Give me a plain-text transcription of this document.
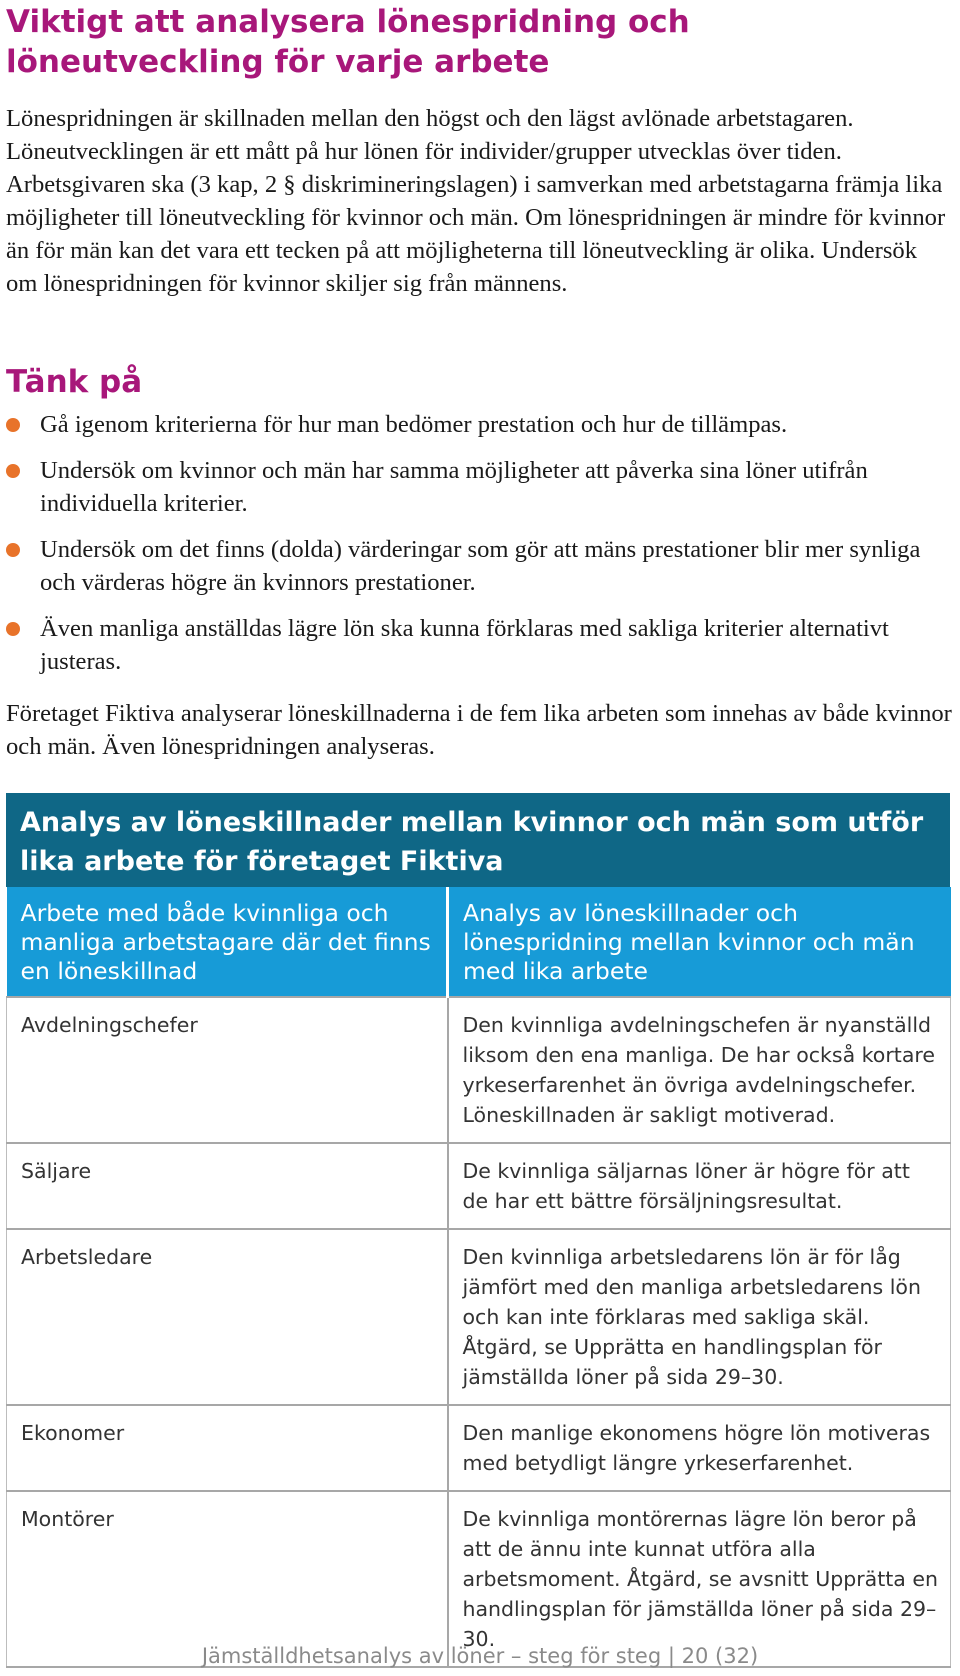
Viktigt att analysera lönespridning och löneutveckling för varje arbete

Lönespridningen är skillnaden mellan den högst och den lägst avlönade arbetstagaren. Löneutvecklingen är ett mått på hur lönen för individer/grupper utvecklas över tiden. Arbetsgivaren ska (3 kap, 2 § diskrimineringslagen) i samverkan med arbetstagarna främja lika möjligheter till löneutveckling för kvinnor och män. Om lönespridningen är mindre för kvinnor än för män kan det vara ett tecken på att möjligheterna till löneutveckling är olika. Undersök om lönespridningen för kvinnor skiljer sig från männens.

Tänk på
Gå igenom kriterierna för hur man bedömer prestation och hur de tillämpas.
Undersök om kvinnor och män har samma möjligheter att påverka sina löner utifrån individuella kriterier.
Undersök om det finns (dolda) värderingar som gör att mäns prestationer blir mer synliga och värderas högre än kvinnors prestationer.
Även manliga anställdas lägre lön ska kunna förklaras med sakliga kriterier alternativt justeras.

Företaget Fiktiva analyserar löneskillnaderna i de fem lika arbeten som innehas av både kvinnor och män. Även lönespridningen analyseras.

Analys av löneskillnader mellan kvinnor och män som utför lika arbete för företaget Fiktiva
Arbete med både kvinnliga och manliga arbetstagare där det finns en löneskillnad	Analys av löneskillnader och lönespridning mellan kvinnor och män med lika arbete
Avdelningschefer	Den kvinnliga avdelningschefen är nyanställd liksom den ena manliga. De har också kortare yrkeserfarenhet än övriga avdelningschefer. Löneskillnaden är sakligt motiverad.
Säljare	De kvinnliga säljarnas löner är högre för att de har ett bättre försäljningsresultat.
Arbetsledare	Den kvinnliga arbetsledarens lön är för låg jämfört med den manliga arbetsledarens lön och kan inte förklaras med sakliga skäl. Åtgärd, se Upprätta en handlingsplan för jämställda löner på sida 29–30.
Ekonomer	Den manlige ekonomens högre lön motiveras med betydligt längre yrkeserfarenhet.
Montörer	De kvinnliga montörernas lägre lön beror på att de ännu inte kunnat utföra alla arbetsmoment. Åtgärd, se avsnitt Upprätta en handlingsplan för jämställda löner på sida 29–30.
Jämställdhetsanalys av löner – steg för steg | 20 (32)
